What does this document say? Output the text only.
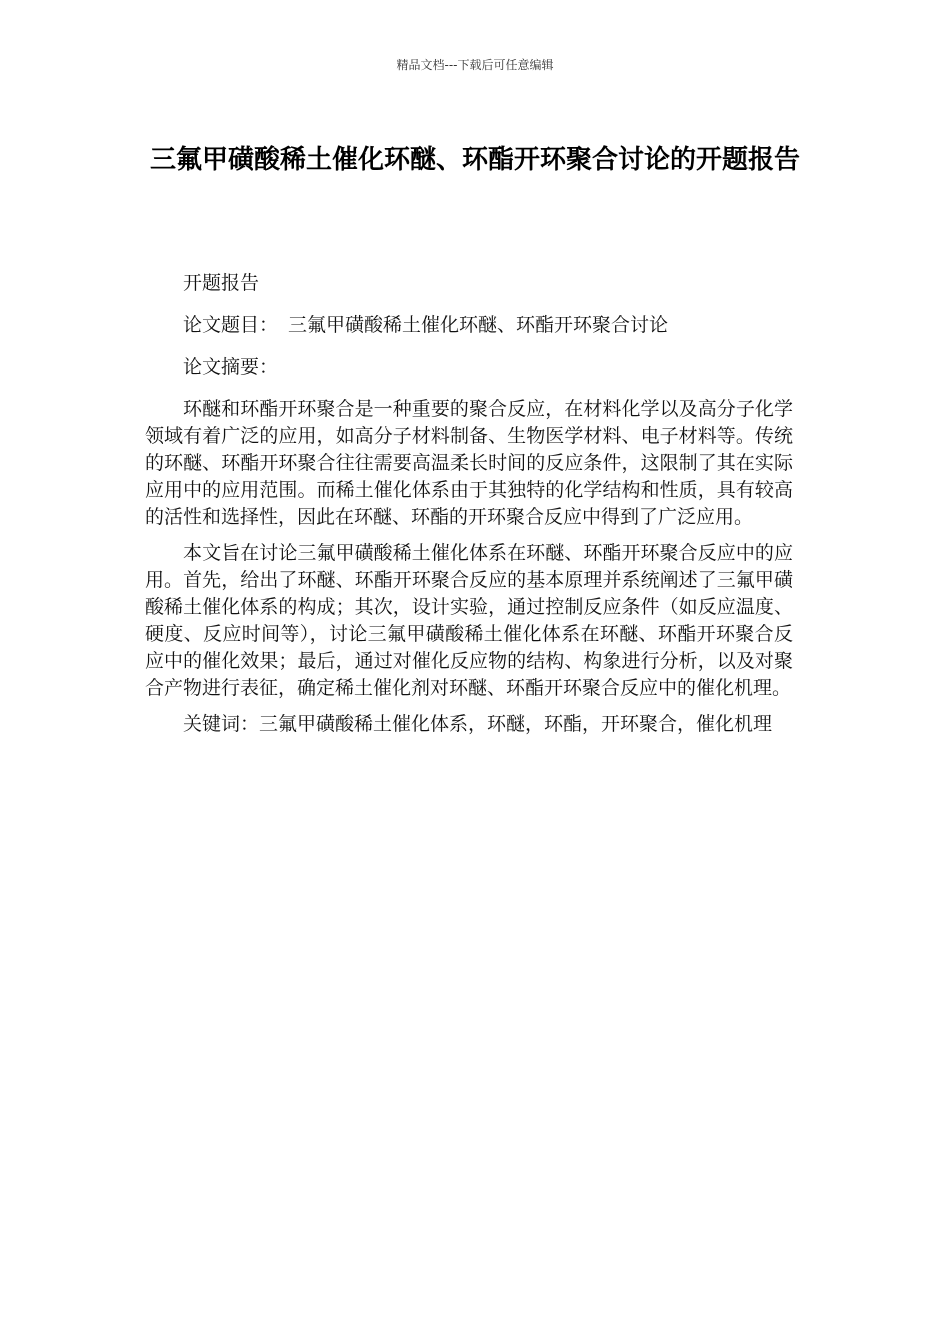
精品文档---下载后可任意编辑
三氟甲磺酸稀土催化环醚、环酯开环聚合讨论的开题报告

开题报告

论文题目： 三氟甲磺酸稀土催化环醚、环酯开环聚合讨论

论文摘要：

环醚和环酯开环聚合是一种重要的聚合反应，在材料化学以及高分子化学领域有着广泛的应用，如高分子材料制备、生物医学材料、电子材料等。传统的环醚、环酯开环聚合往往需要高温柔长时间的反应条件，这限制了其在实际应用中的应用范围。而稀土催化体系由于其独特的化学结构和性质，具有较高的活性和选择性，因此在环醚、环酯的开环聚合反应中得到了广泛应用。

本文旨在讨论三氟甲磺酸稀土催化体系在环醚、环酯开环聚合反应中的应用。首先，给出了环醚、环酯开环聚合反应的基本原理并系统阐述了三氟甲磺酸稀土催化体系的构成；其次，设计实验，通过控制反应条件（如反应温度、硬度、反应时间等），讨论三氟甲磺酸稀土催化体系在环醚、环酯开环聚合反应中的催化效果；最后，通过对催化反应物的结构、构象进行分析，以及对聚合产物进行表征，确定稀土催化剂对环醚、环酯开环聚合反应中的催化机理。

关键词：三氟甲磺酸稀土催化体系，环醚，环酯，开环聚合，催化机理
